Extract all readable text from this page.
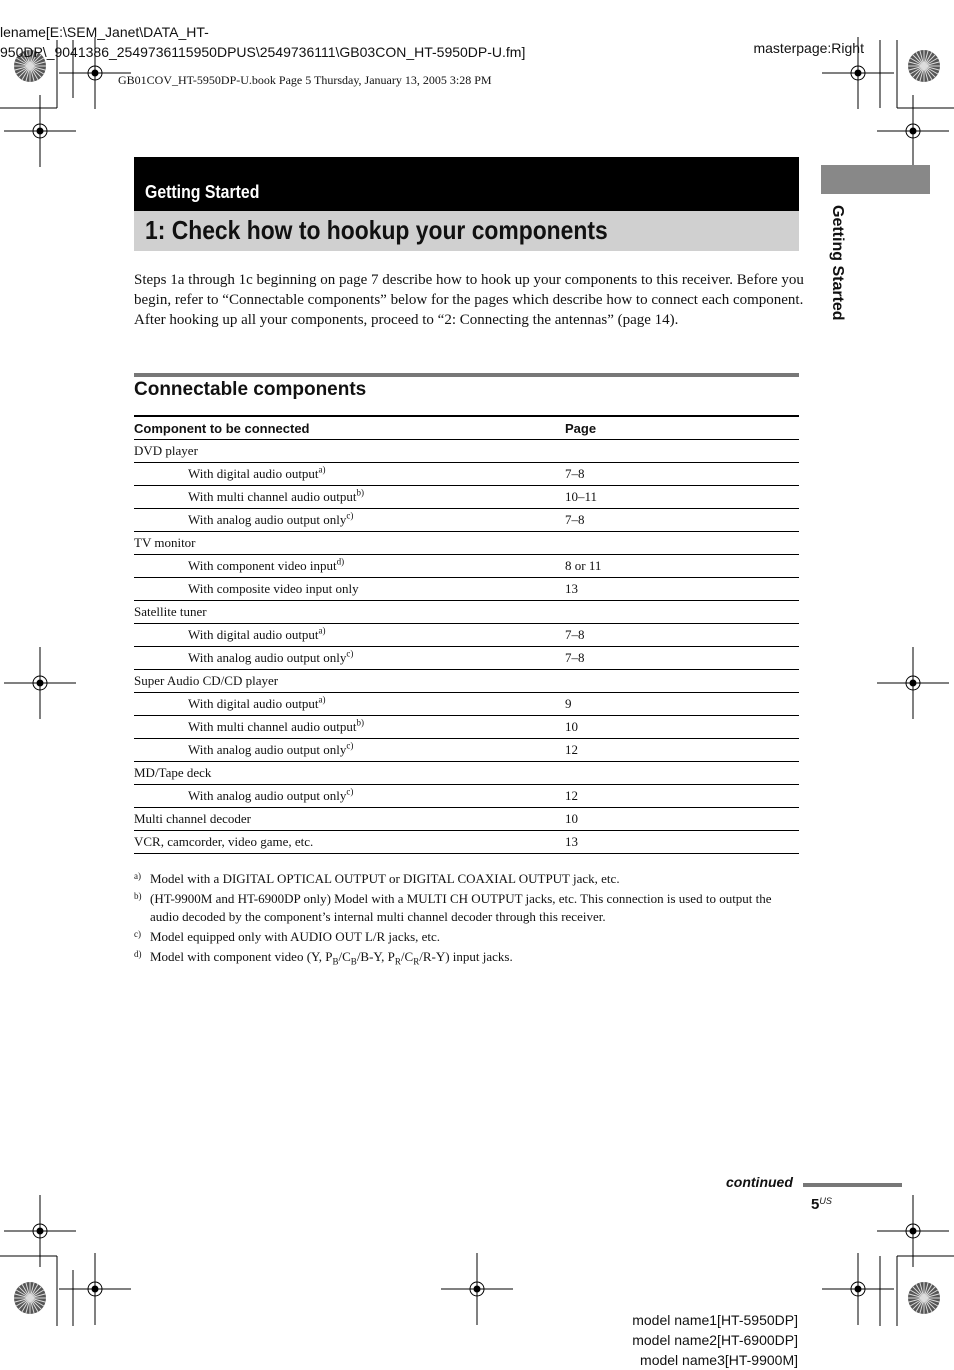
lename[E:\SEM_Janet\DATA_HT-
950DP\_9041386_2549736115950DPUS\2549736111\GB03CON_HT-5950DP-U.fm]	masterpage:Right
GB01COV_HT-5950DP-U.book Page 5 Thursday, January 13, 2005 3:28 PM
Getting Started
1: Check how to hookup your components	Getting Started

Steps 1a through 1c beginning on page 7 describe how to hook up your components to this receiver. Before you begin, refer to “Connectable components” below for the pages which describe how to connect each component.

After hooking up all your components, proceed to “2: Connecting the antennas” (page 14).

Connectable components
Component to be connected	Page
DVD player	
With digital audio output$^{a)}$	7–8
With multi channel audio output$^{b)}$	10–11
With analog audio output only$^{c)}$	7–8
TV monitor	
With component video input$^{d)}$	8 or 11
With composite video input only	13
Satellite tuner	
With digital audio output$^{a)}$	7–8
With analog audio output only$^{c)}$	7–8
Super Audio CD/CD player	
With digital audio output$^{a)}$	9
With multi channel audio output$^{b)}$	10
With analog audio output only$^{c)}$	12
MD/Tape deck	
With analog audio output only$^{c)}$	12
Multi channel decoder	10
VCR, camcorder, video game, etc.	13
a) Model with a DIGITAL OPTICAL OUTPUT or DIGITAL COAXIAL OUTPUT jack, etc.
b) (HT-9900M and HT-6900DP only) Model with a MULTI CH OUTPUT jacks, etc. This connection is used to output the audio decoded by the component’s internal multi channel decoder through this receiver.
c) Model equipped only with AUDIO OUT L/R jacks, etc.
d) Model with component video (Y, $P_B/C_B/B-Y$, $P_R/C_R/R-Y$) input jacks.
continued
$5^{US}$
model name1[HT-5950DP]
model name2[HT-6900DP]
model name3[HT-9900M]
